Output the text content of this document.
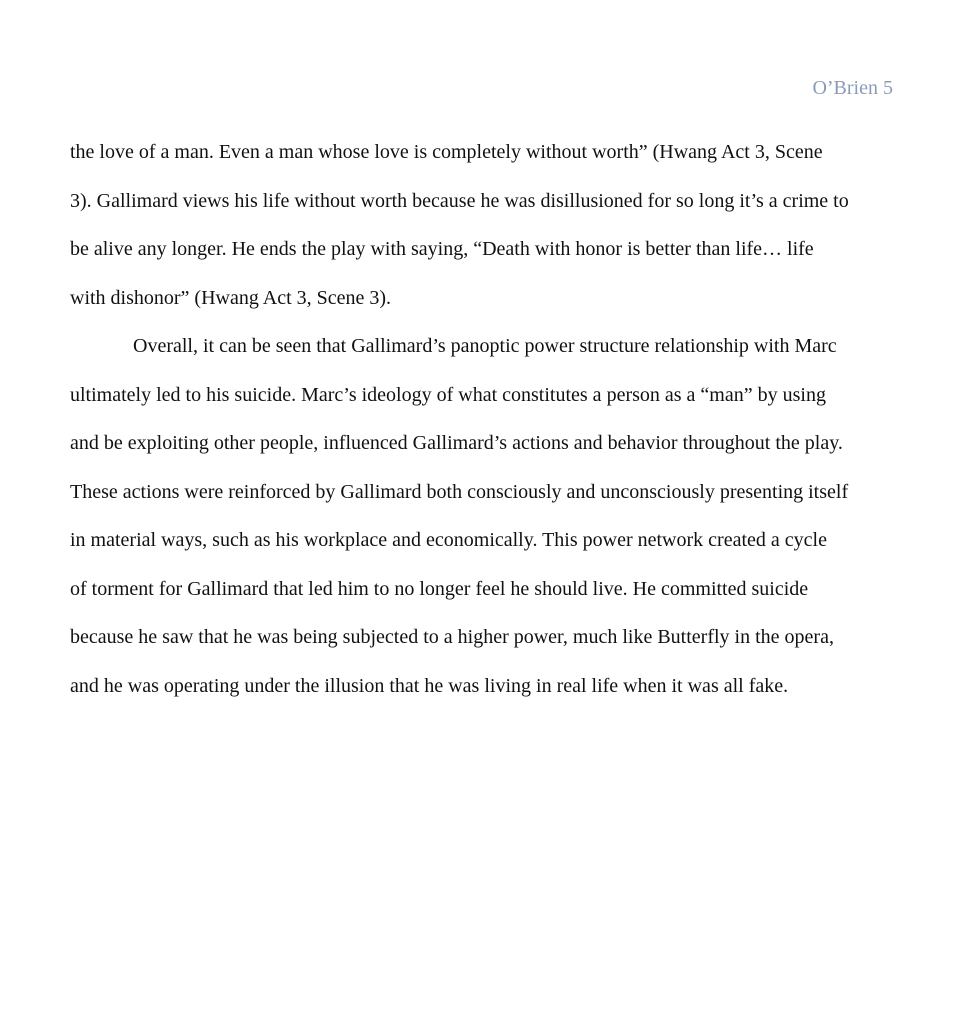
O’Brien 5
the love of a man. Even a man whose love is completely without worth” (Hwang Act 3, Scene
3). Gallimard views his life without worth because he was disillusioned for so long it’s a crime to
be alive any longer. He ends the play with saying, “Death with honor is better than life… life
with dishonor” (Hwang Act 3, Scene 3).
Overall, it can be seen that Gallimard’s panoptic power structure relationship with Marc
ultimately led to his suicide. Marc’s ideology of what constitutes a person as a “man” by using
and be exploiting other people, influenced Gallimard’s actions and behavior throughout the play.
These actions were reinforced by Gallimard both consciously and unconsciously presenting itself
in material ways, such as his workplace and economically. This power network created a cycle
of torment for Gallimard that led him to no longer feel he should live. He committed suicide
because he saw that he was being subjected to a higher power, much like Butterfly in the opera,
and he was operating under the illusion that he was living in real life when it was all fake.
